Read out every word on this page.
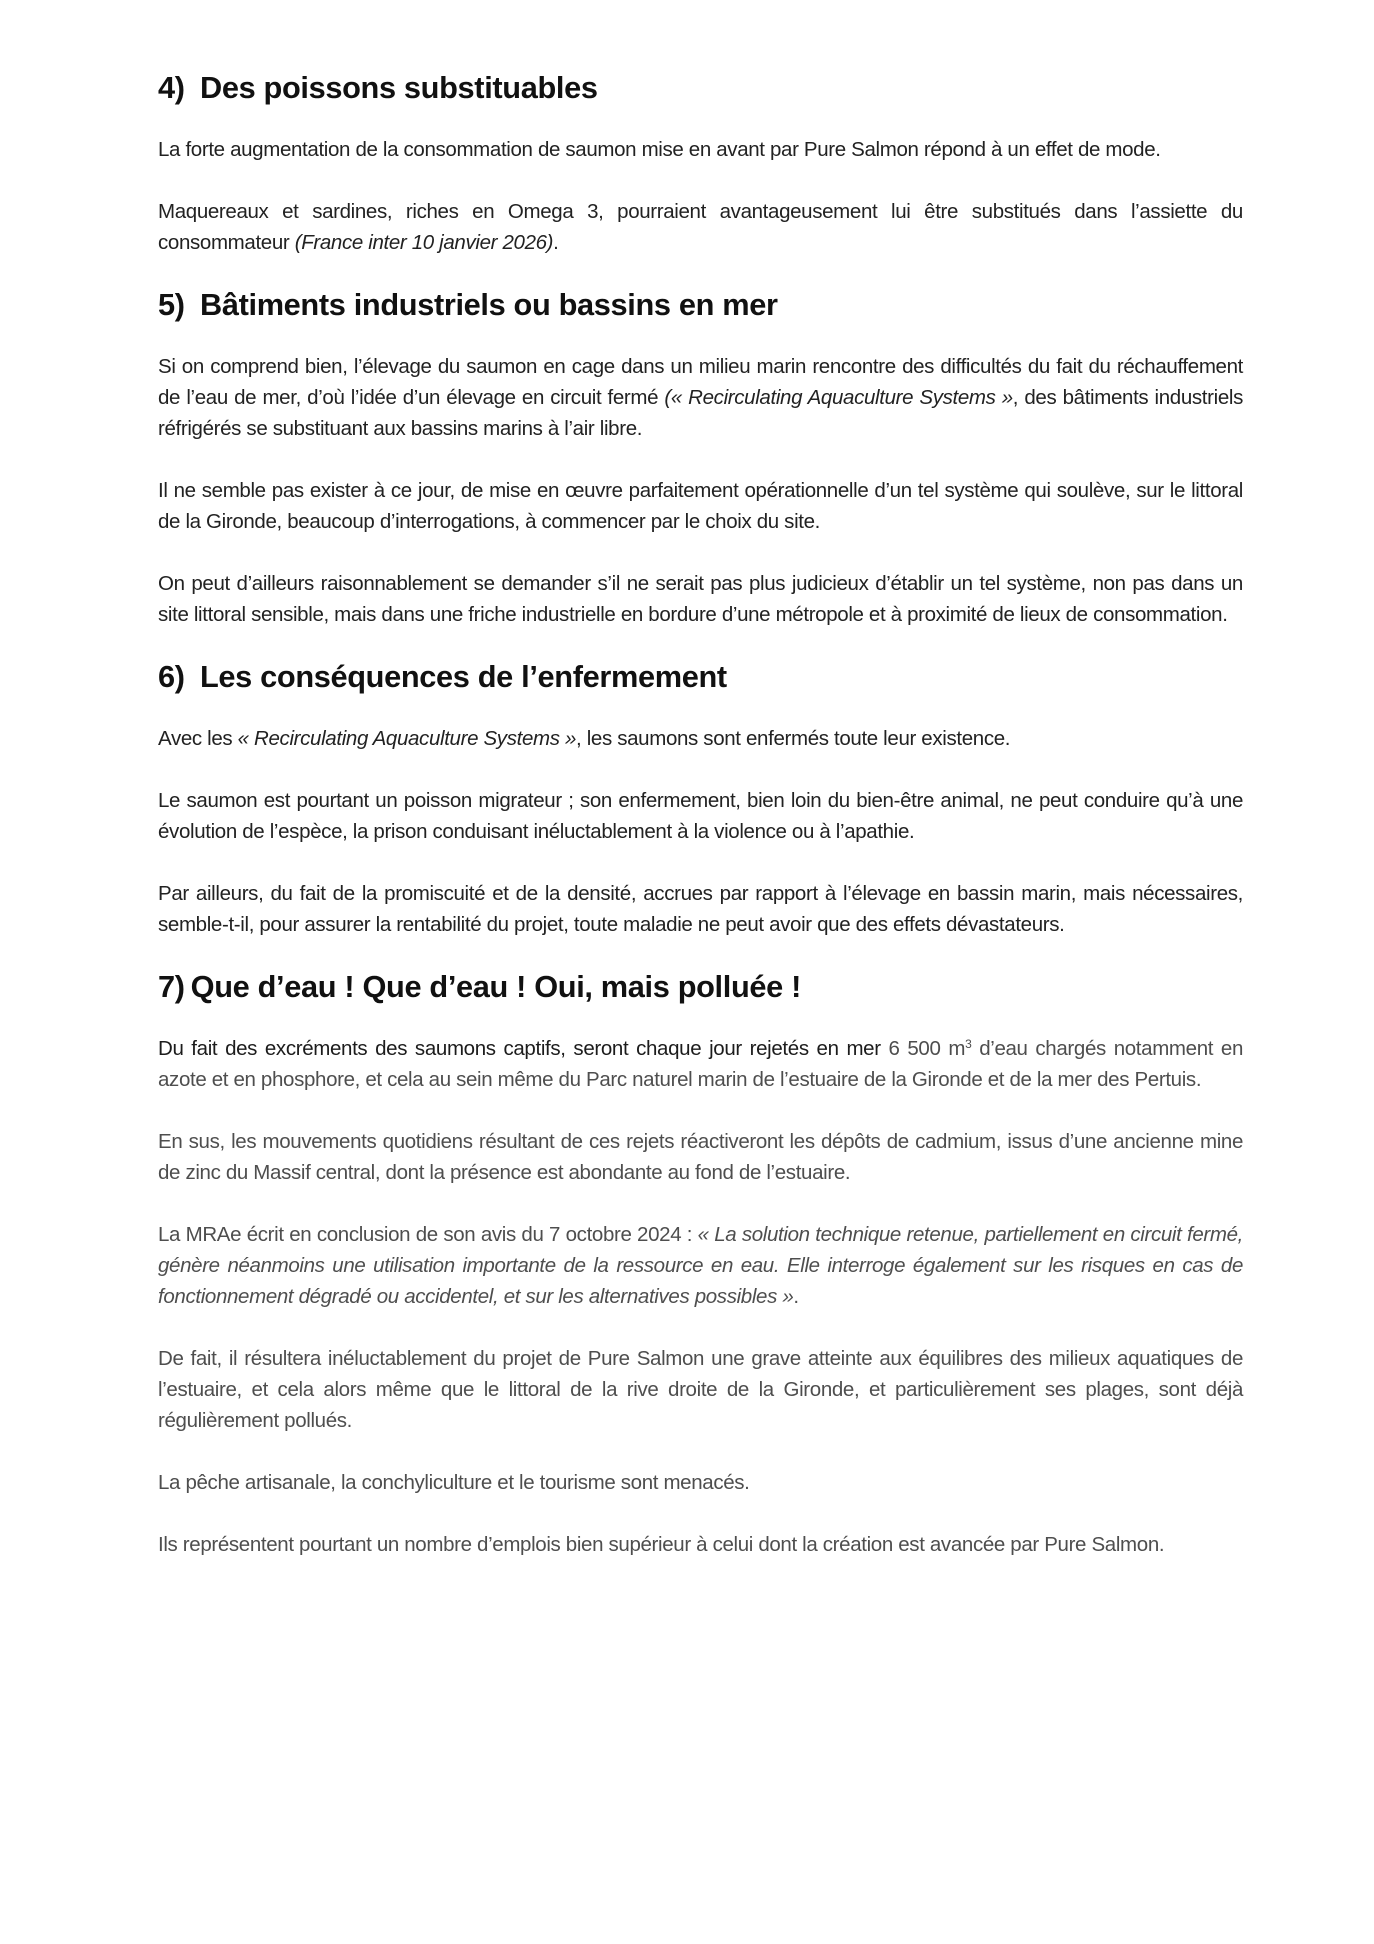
4) Des poissons substituables

La forte augmentation de la consommation de saumon mise en avant par Pure Salmon répond à un effet de mode.

Maquereaux et sardines, riches en Omega 3, pourraient avantageusement lui être substitués dans l’assiette du consommateur (France inter 10 janvier 2026).

5) Bâtiments industriels ou bassins en mer

Si on comprend bien, l’élevage du saumon en cage dans un milieu marin rencontre des difficultés du fait du réchauffement de l’eau de mer, d’où l’idée d’un élevage en circuit fermé (« Recirculating Aquaculture Systems », des bâtiments industriels réfrigérés se substituant aux bassins marins à l’air libre.

Il ne semble pas exister à ce jour, de mise en œuvre parfaitement opérationnelle d’un tel système qui soulève, sur le littoral de la Gironde, beaucoup d’interrogations, à commencer par le choix du site.

On peut d’ailleurs raisonnablement se demander s’il ne serait pas plus judicieux d’établir un tel système, non pas dans un site littoral sensible, mais dans une friche industrielle en bordure d’une métropole et à proximité de lieux de consommation.

6) Les conséquences de l’enfermement

Avec les « Recirculating Aquaculture Systems », les saumons sont enfermés toute leur existence.

Le saumon est pourtant un poisson migrateur ; son enfermement, bien loin du bien-être animal, ne peut conduire qu’à une évolution de l’espèce, la prison conduisant inéluctablement à la violence ou à l’apathie.

Par ailleurs, du fait de la promiscuité et de la densité, accrues par rapport à l’élevage en bassin marin, mais nécessaires, semble-t-il, pour assurer la rentabilité du projet, toute maladie ne peut avoir que des effets dévastateurs.

7) Que d’eau ! Que d’eau ! Oui, mais polluée !

Du fait des excréments des saumons captifs, seront chaque jour rejetés en mer 6 500 $m^3$ d’eau chargés notamment en azote et en phosphore, et cela au sein même du Parc naturel marin de l’estuaire de la Gironde et de la mer des Pertuis.

En sus, les mouvements quotidiens résultant de ces rejets réactiveront les dépôts de cadmium, issus d’une ancienne mine de zinc du Massif central, dont la présence est abondante au fond de l’estuaire.

La MRAe écrit en conclusion de son avis du 7 octobre 2024 : « La solution technique retenue, partiellement en circuit fermé, génère néanmoins une utilisation importante de la ressource en eau. Elle interroge également sur les risques en cas de fonctionnement dégradé ou accidentel, et sur les alternatives possibles ».

De fait, il résultera inéluctablement du projet de Pure Salmon une grave atteinte aux équilibres des milieux aquatiques de l’estuaire, et cela alors même que le littoral de la rive droite de la Gironde, et particulièrement ses plages, sont déjà régulièrement pollués.

La pêche artisanale, la conchyliculture et le tourisme sont menacés.

Ils représentent pourtant un nombre d’emplois bien supérieur à celui dont la création est avancée par Pure Salmon.
